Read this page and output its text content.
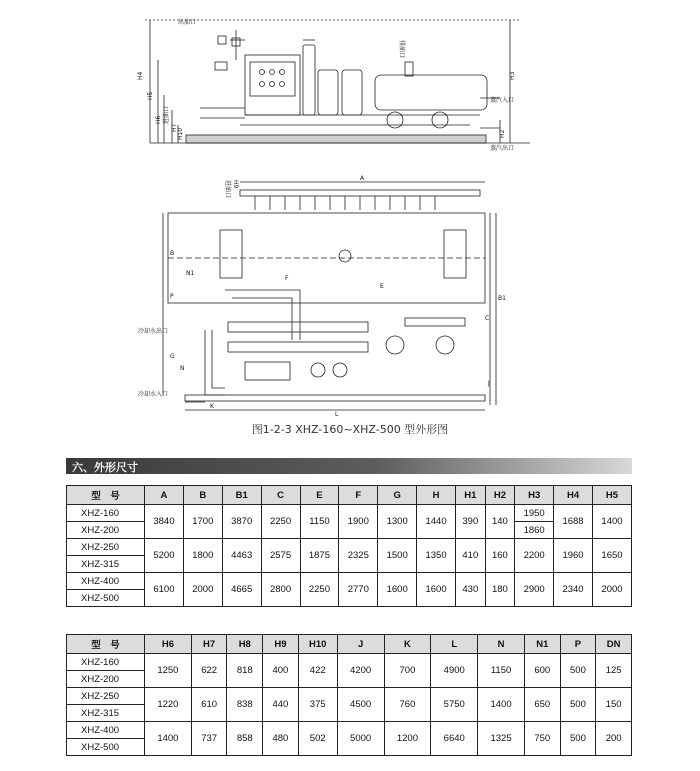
出油口
排油口
蒸汽入口
蒸汽出口
H4
H5
H6 进油口
H7
H10
H3
H2
A
B
B1
C
E
F
G
P
N1
N
J
K
L
进油口 H9
冷却水出口
冷却水入口
图1-2-3 XHZ-160~XHZ-500 型外形图
六、外形尺寸
型　号	A	B	B1	C	E	F	G	H	H1	H2	H3	H4	H5
XHZ-160	3840	1700	3870	2250	1150	1900	1300	1440	390	140	1950	1688	1400
XHZ-200											1860		
XHZ-250	5200	1800	4463	2575	1875	2325	1500	1350	410	160	2200	1960	1650
XHZ-315													
XHZ-400	6100	2000	4665	2800	2250	2770	1600	1600	430	180	2900	2340	2000
XHZ-500													
型　号	H6	H7	H8	H9	H10	J	K	L	N	N1	P	DN
XHZ-160	1250	622	818	400	422	4200	700	4900	1150	600	500	125
XHZ-200												
XHZ-250	1220	610	838	440	375	4500	760	5750	1400	650	500	150
XHZ-315												
XHZ-400	1400	737	858	480	502	5000	1200	6640	1325	750	500	200
XHZ-500												
